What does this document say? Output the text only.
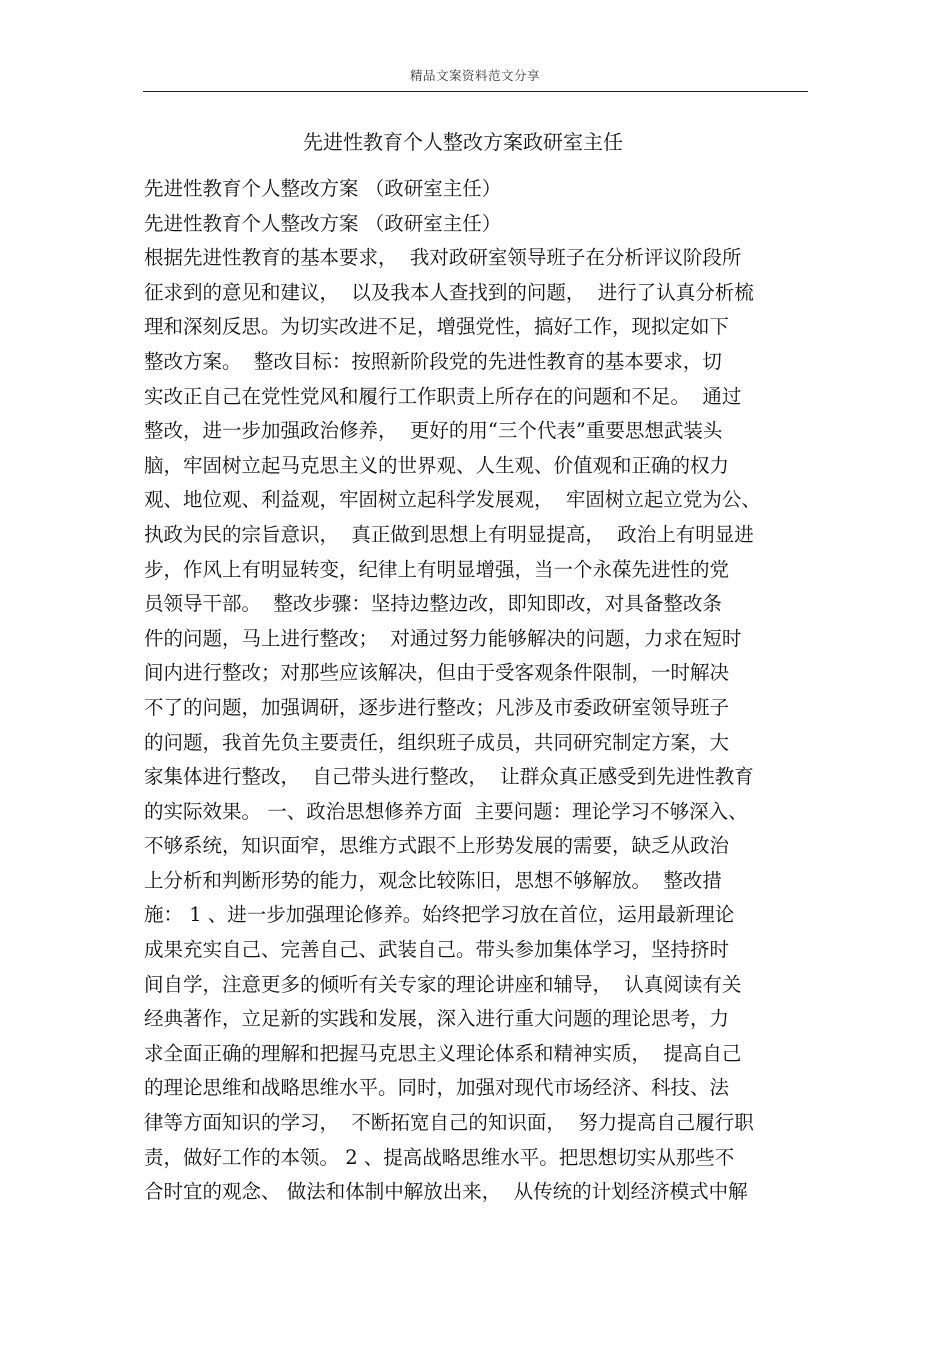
精品文案资料范文分享
先进性教育个人整改方案政研室主任
先进性教育个人整改方案 （政研室主任）
先进性教育个人整改方案 （政研室主任）
根据先进性教育的基本要求，  我对政研室领导班子在分析评议阶段所
征求到的意见和建议，  以及我本人查找到的问题，  进行了认真分析梳
理和深刻反思。为切实改进不足，增强党性，搞好工作，现拟定如下
整改方案。  整改目标：按照新阶段党的先进性教育的基本要求，切
实改正自己在党性党风和履行工作职责上所存在的问题和不足。  通过
整改，进一步加强政治修养，  更好的用“三个代表”重要思想武装头
脑，牢固树立起马克思主义的世界观、人生观、价值观和正确的权力
观、地位观、利益观，牢固树立起科学发展观，  牢固树立起立党为公、
执政为民的宗旨意识，  真正做到思想上有明显提高，  政治上有明显进
步，作风上有明显转变，纪律上有明显增强，当一个永葆先进性的党
员领导干部。  整改步骤：坚持边整边改，即知即改，对具备整改条
件的问题，马上进行整改；  对通过努力能够解决的问题，力求在短时
间内进行整改；对那些应该解决，但由于受客观条件限制，一时解决
不了的问题，加强调研，逐步进行整改；凡涉及市委政研室领导班子
的问题，我首先负主要责任，组织班子成员，共同研究制定方案，大
家集体进行整改，  自己带头进行整改，  让群众真正感受到先进性教育
的实际效果。 一、政治思想修养方面  主要问题：理论学习不够深入、
不够系统，知识面窄，思维方式跟不上形势发展的需要，缺乏从政治
上分析和判断形势的能力，观念比较陈旧，思想不够解放。  整改措
施： 1 、进一步加强理论修养。始终把学习放在首位，运用最新理论
成果充实自己、完善自己、武装自己。带头参加集体学习，坚持挤时
间自学，注意更多的倾听有关专家的理论讲座和辅导，  认真阅读有关
经典著作，立足新的实践和发展，深入进行重大问题的理论思考，力
求全面正确的理解和把握马克思主义理论体系和精神实质，  提高自己
的理论思维和战略思维水平。同时，加强对现代市场经济、科技、法
律等方面知识的学习，  不断拓宽自己的知识面，  努力提高自己履行职
责，做好工作的本领。 2 、提高战略思维水平。把思想切实从那些不
合时宜的观念、 做法和体制中解放出来，  从传统的计划经济模式中解
